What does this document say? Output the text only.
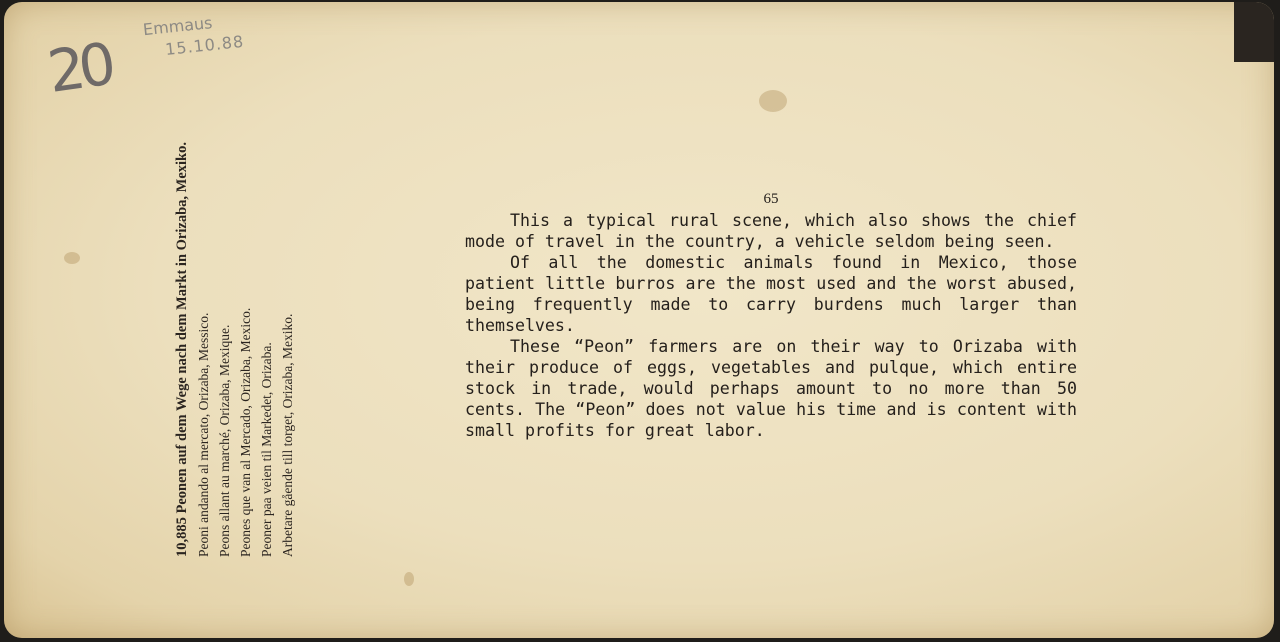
20
Emmaus
15.10.88
10,885 Peonen auf dem Wege nach dem Markt in Orizaba, Mexiko. Peoni andando al mercato, Orizaba, Messico. Peons allant au marché, Orizaba, Mexique. Peones que van al Mercado, Orizaba, Mexico. Peoner paa veien til Markedet, Orizaba. Arbetare gående till torget, Orizaba, Mexiko.
65

This a typical rural scene, which also shows the chief mode of travel in the country, a vehicle seldom being seen.

Of all the domestic animals found in Mexico, those patient little burros are the most used and the worst abused, being frequently made to carry burdens much larger than themselves.

These “Peon” farmers are on their way to Orizaba with their produce of eggs, vegetables and pulque, which entire stock in trade, would perhaps amount to no more than 50 cents. The “Peon” does not value his time and is content with small profits for great labor.
